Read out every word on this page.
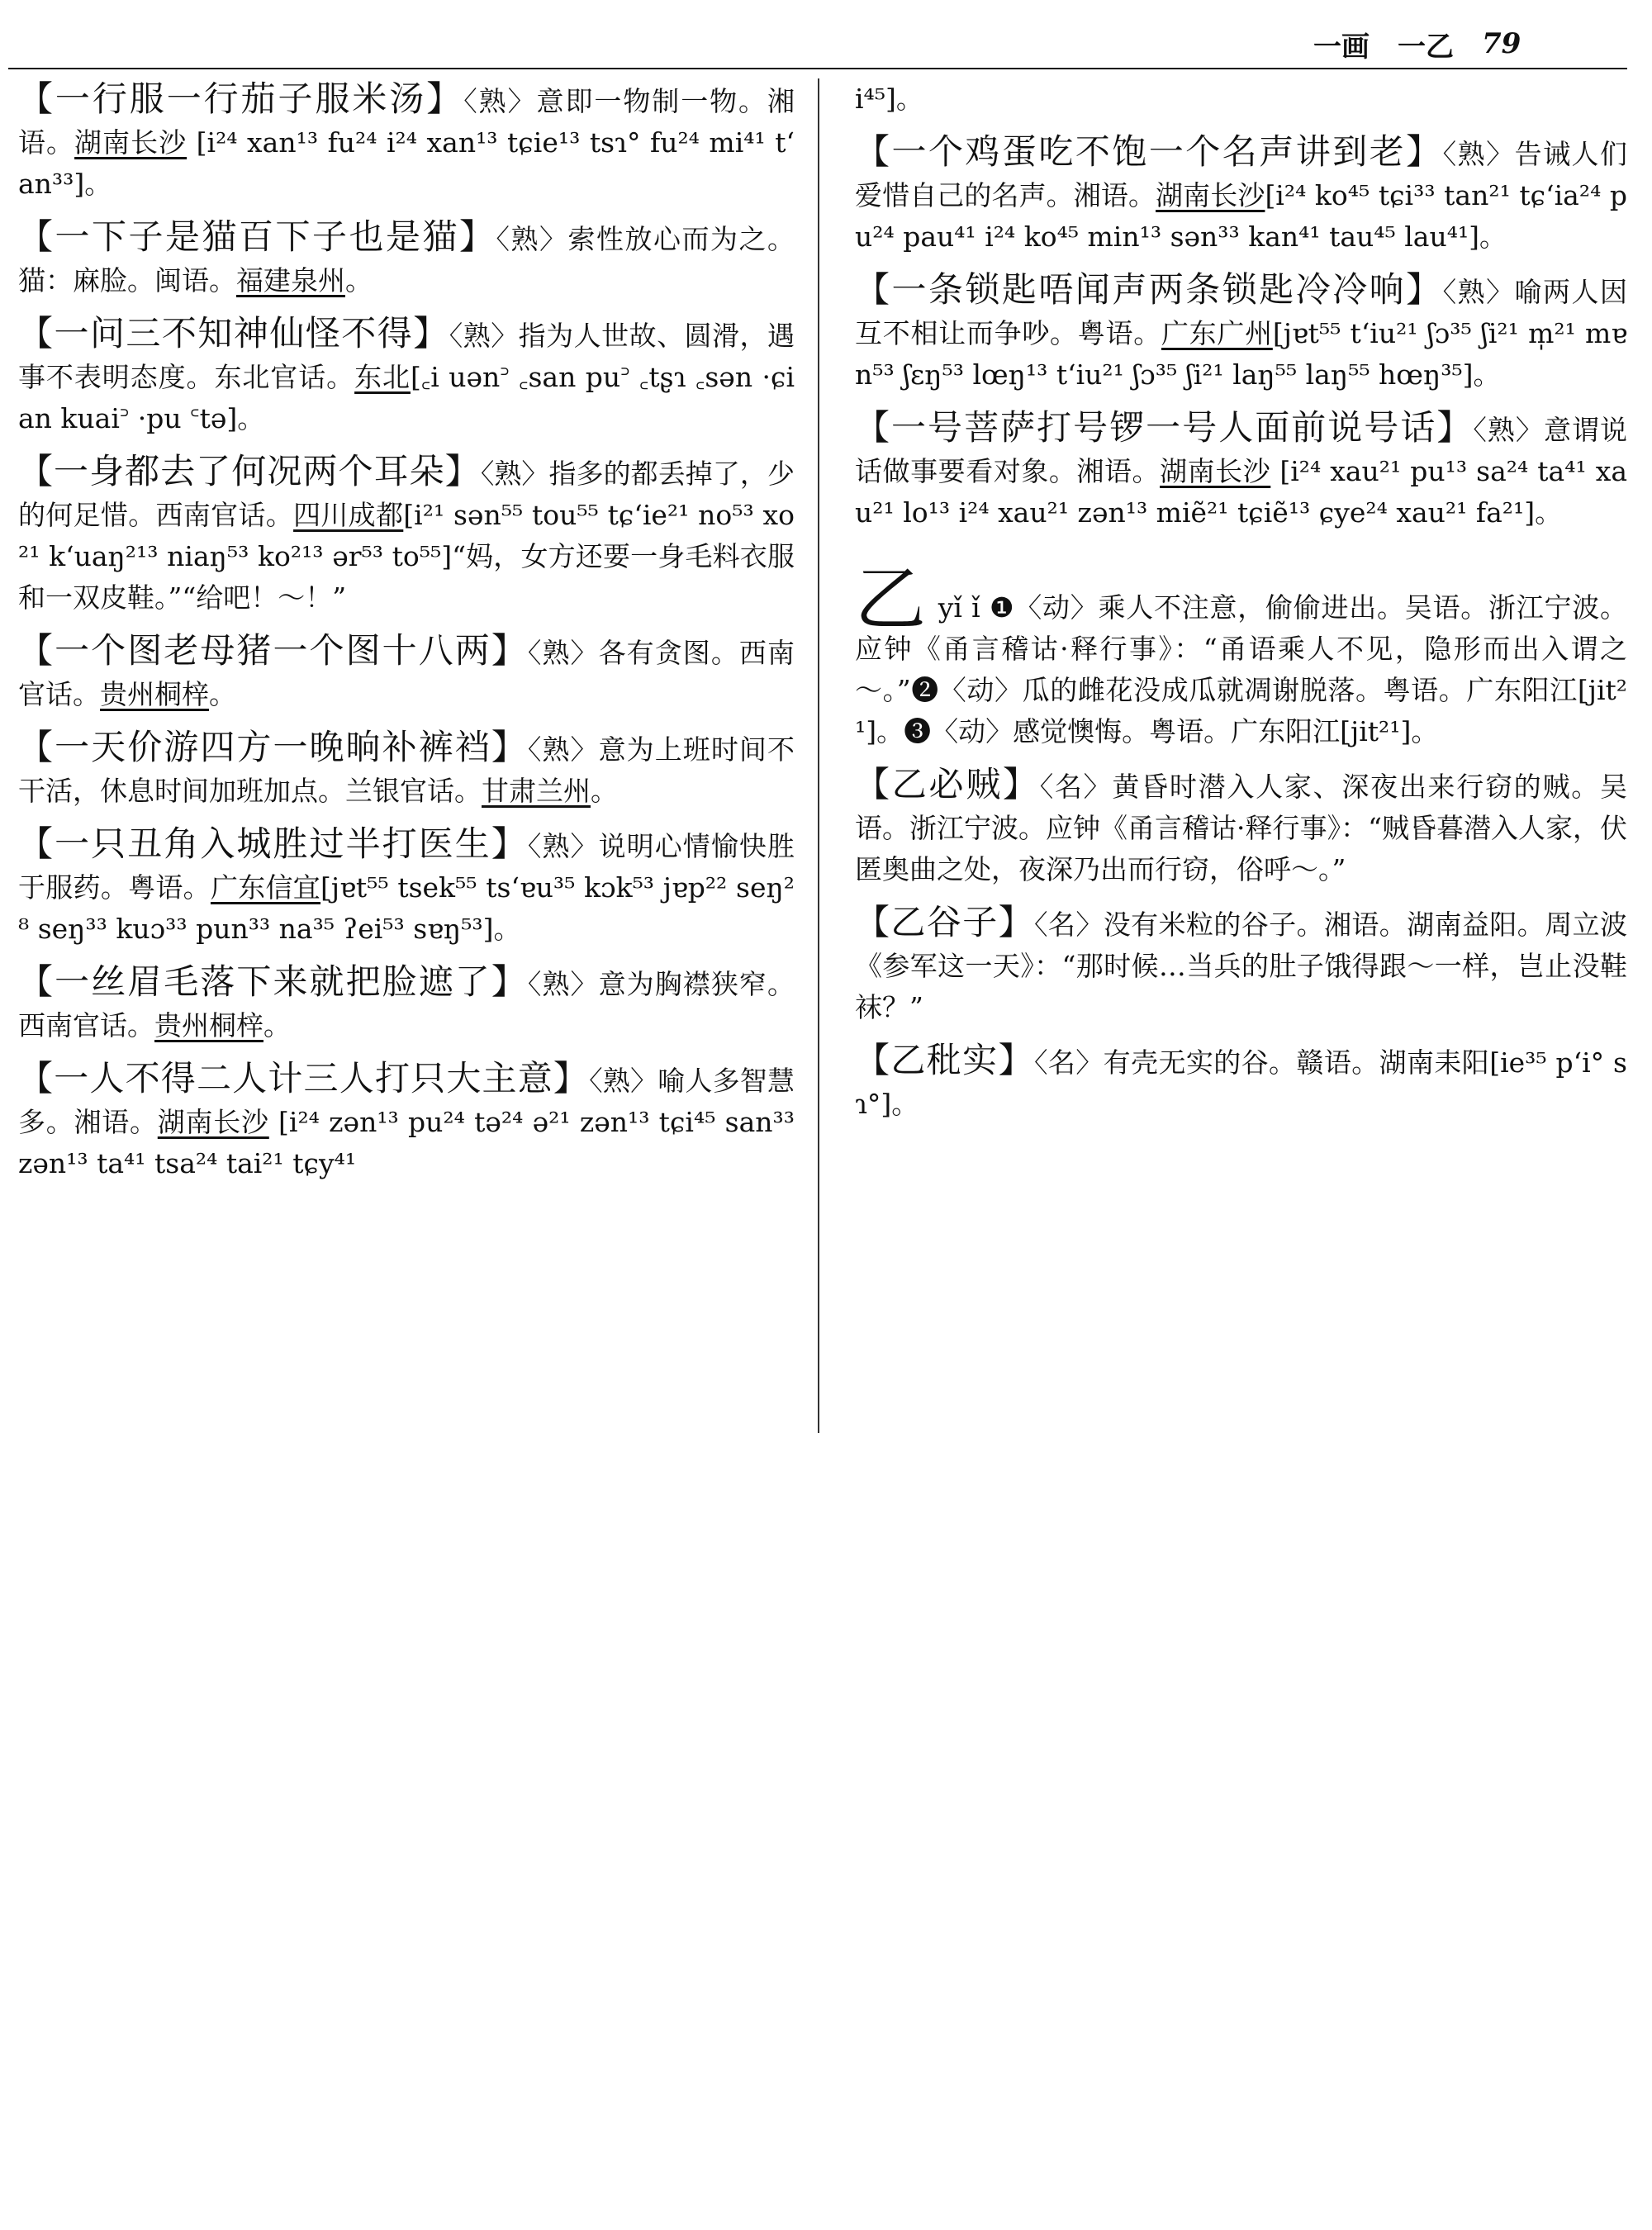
一画 一乙 79
【一行服一行茄子服米汤】〈熟〉意即一物制一物。湘语。湖南长沙 [i²⁴ xan¹³ fu²⁴ i²⁴ xan¹³ tɕie¹³ tsɿ° fu²⁴ mi⁴¹ tʻan³³]。
【一下子是猫百下子也是猫】〈熟〉索性放心而为之。猫：麻脸。闽语。福建泉州。
【一问三不知神仙怪不得】〈熟〉指为人世故、圆滑，遇事不表明态度。东北官话。东北[꜀i uən꜄ ꜀san pu꜄ ꜀tʂɿ ꜀sən ·ɕian kuai꜄ ·pu ꜂tə]。
【一身都去了何况两个耳朵】〈熟〉指多的都丢掉了，少的何足惜。西南官话。四川成都[i²¹ sən⁵⁵ tou⁵⁵ tɕʻie²¹ no⁵³ xo²¹ kʻuaŋ²¹³ niaŋ⁵³ ko²¹³ ər⁵³ to⁵⁵]“妈，女方还要一身毛料衣服和一双皮鞋。”“给吧！～！”
【一个图老母猪一个图十八两】〈熟〉各有贪图。西南官话。贵州桐梓。
【一天价游四方一晚晌补裤裆】〈熟〉意为上班时间不干活，休息时间加班加点。兰银官话。甘肃兰州。
【一只丑角入城胜过半打医生】〈熟〉说明心情愉快胜于服药。粤语。广东信宜[jɐt⁵⁵ tsek⁵⁵ tsʻɐu³⁵ kɔk⁵³ jɐp²² seŋ²⁸ seŋ³³ kuɔ³³ pun³³ na³⁵ ʔei⁵³ sɐŋ⁵³]。
【一丝眉毛落下来就把脸遮了】〈熟〉意为胸襟狭窄。西南官话。贵州桐梓。
【一人不得二人计三人打只大主意】〈熟〉喻人多智慧多。湘语。湖南长沙 [i²⁴ zən¹³ pu²⁴ tə²⁴ ə²¹ zən¹³ tɕi⁴⁵ san³³ zən¹³ ta⁴¹ tsa²⁴ tai²¹ tɕy⁴¹
i⁴⁵]。
【一个鸡蛋吃不饱一个名声讲到老】〈熟〉告诫人们爱惜自己的名声。湘语。湖南长沙[i²⁴ ko⁴⁵ tɕi³³ tan²¹ tɕʻia²⁴ pu²⁴ pau⁴¹ i²⁴ ko⁴⁵ min¹³ sən³³ kan⁴¹ tau⁴⁵ lau⁴¹]。
【一条锁匙唔闻声两条锁匙冷冷响】〈熟〉喻两人因互不相让而争吵。粤语。广东广州[jɐt⁵⁵ tʻiu²¹ ʃɔ³⁵ ʃi²¹ m̩²¹ mɐn⁵³ ʃɛŋ⁵³ lœŋ¹³ tʻiu²¹ ʃɔ³⁵ ʃi²¹ laŋ⁵⁵ laŋ⁵⁵ hœŋ³⁵]。
【一号菩萨打号锣一号人面前说号话】〈熟〉意谓说话做事要看对象。湘语。湖南长沙 [i²⁴ xau²¹ pu¹³ sa²⁴ ta⁴¹ xau²¹ lo¹³ i²⁴ xau²¹ zən¹³ miẽ²¹ tɕiẽ¹³ ɕye²⁴ xau²¹ fa²¹]。
乙yǐ ǐ ❶〈动〉乘人不注意，偷偷进出。吴语。浙江宁波。应钟《甬言稽诂·释行事》：“甬语乘人不见，隐形而出入谓之～。”❷〈动〉瓜的雌花没成瓜就凋谢脱落。粤语。广东阳江[jit²¹]。❸〈动〉感觉懊悔。粤语。广东阳江[jit²¹]。
【乙必贼】〈名〉黄昏时潜入人家、深夜出来行窃的贼。吴语。浙江宁波。应钟《甬言稽诂·释行事》：“贼昏暮潜入人家，伏匿奥曲之处，夜深乃出而行窃，俗呼～。”
【乙谷子】〈名〉没有米粒的谷子。湘语。湖南益阳。周立波《参军这一天》：“那时候…当兵的肚子饿得跟～一样，岂止没鞋袜？”
【乙秕实】〈名〉有壳无实的谷。赣语。湖南耒阳[ie³⁵ pʻi° sɿ°]。
